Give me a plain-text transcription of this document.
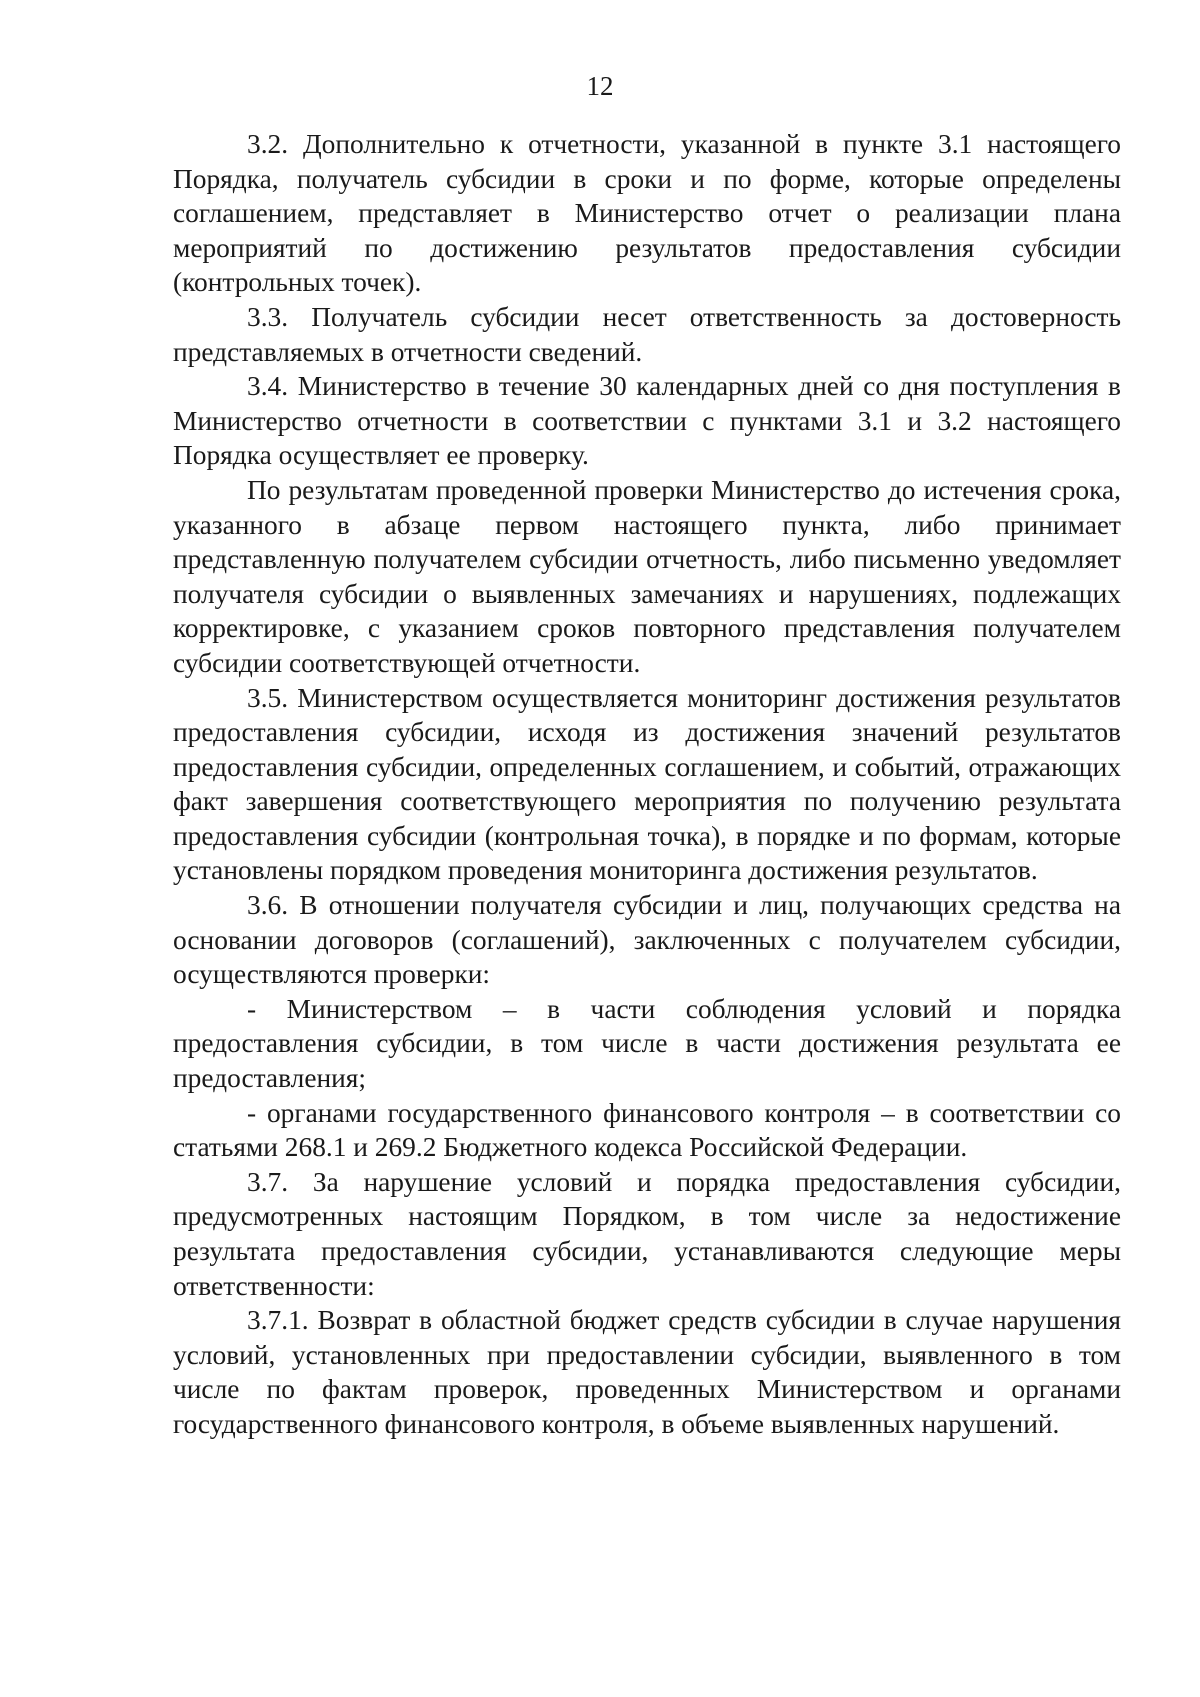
12

3.2. Дополнительно к отчетности, указанной в пункте 3.1 настоящего Порядка, получатель субсидии в сроки и по форме, которые определены соглашением, представляет в Министерство отчет о реализации плана мероприятий по достижению результатов предоставления субсидии (контрольных точек).

3.3. Получатель субсидии несет ответственность за достоверность представляемых в отчетности сведений.

3.4. Министерство в течение 30 календарных дней со дня поступления в Министерство отчетности в соответствии с пунктами 3.1 и 3.2 настоящего Порядка осуществляет ее проверку.

По результатам проведенной проверки Министерство до истечения срока, указанного в абзаце первом настоящего пункта, либо принимает представленную получателем субсидии отчетность, либо письменно уведомляет получателя субсидии о выявленных замечаниях и нарушениях, подлежащих корректировке, с указанием сроков повторного представления получателем субсидии соответствующей отчетности.

3.5. Министерством осуществляется мониторинг достижения результатов предоставления субсидии, исходя из достижения значений результатов предоставления субсидии, определенных соглашением, и событий, отражающих факт завершения соответствующего мероприятия по получению результата предоставления субсидии (контрольная точка), в порядке и по формам, которые установлены порядком проведения мониторинга достижения результатов.

3.6. В отношении получателя субсидии и лиц, получающих средства на основании договоров (соглашений), заключенных с получателем субсидии, осуществляются проверки:

- Министерством – в части соблюдения условий и порядка предоставления субсидии, в том числе в части достижения результата ее предоставления;

- органами государственного финансового контроля – в соответствии со статьями 268.1 и 269.2 Бюджетного кодекса Российской Федерации.

3.7. За нарушение условий и порядка предоставления субсидии, предусмотренных настоящим Порядком, в том числе за недостижение результата предоставления субсидии, устанавливаются следующие меры ответственности:

3.7.1. Возврат в областной бюджет средств субсидии в случае нарушения условий, установленных при предоставлении субсидии, выявленного в том числе по фактам проверок, проведенных Министерством и органами государственного финансового контроля, в объеме выявленных нарушений.
